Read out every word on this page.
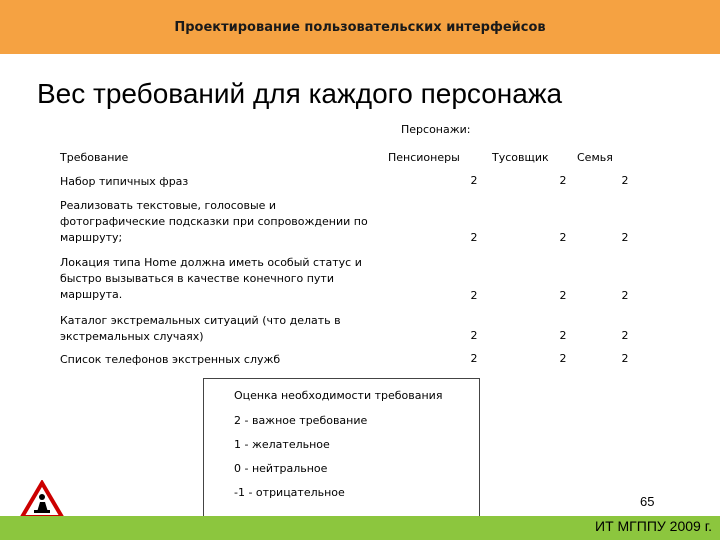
Проектирование пользовательских интерфейсов
Вес требований для каждого персонажа
Персонажи:
Требование	Пенсионеры	Тусовщик	Семья
Набор типичных фраз	2	2	2
Реализовать текстовые, голосовые и фотографические подсказки при сопровождении по маршруту;	2	2	2
Локация типа Home должна иметь особый статус и быстро вызываться в качестве конечного пути маршрута.	2	2	2
Каталог экстремальных ситуаций (что делать в экстремальных случаях)	2	2	2
Список телефонов экстренных служб	2	2	2
Оценка необходимости требования
2 - важное требование
1 - желательное
0 - нейтральное
-1 - отрицательное
65
ИТ МГППУ 2009 г.
